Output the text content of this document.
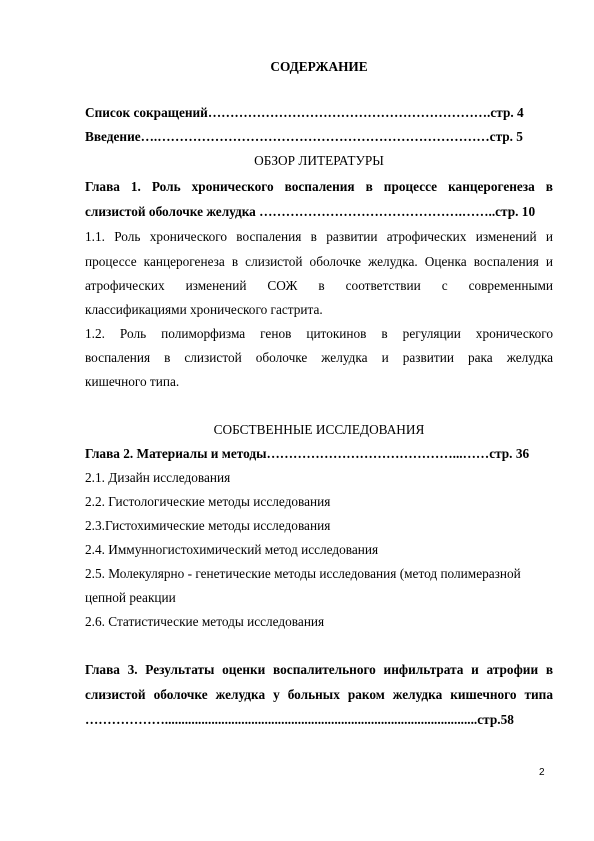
СОДЕРЖАНИЕ
Список сокращений……………………………………………………….стр. 4
Введение….…………………………………………………………………стр. 5
ОБЗОР ЛИТЕРАТУРЫ
Глава 1. Роль хронического воспаления в процессе канцерогенеза в
слизистой оболочке желудка ……………………………………….……..стр. 10
1.1. Роль хронического воспаления в развитии атрофических изменений и
процессе канцерогенеза в слизистой оболочке желудка. Оценка воспаления и
атрофических изменений СОЖ в соответствии с современными
классификациями хронического гастрита.
1.2. Роль полиморфизма генов цитокинов в регуляции хронического
воспаления в слизистой оболочке желудка и развитии рака желудка
кишечного типа.
СОБСТВЕННЫЕ ИССЛЕДОВАНИЯ
Глава 2. Материалы и методы……………………………………...……стр. 36
2.1. Дизайн исследования
2.2. Гистологические методы исследования
2.3.Гистохимические методы исследования
2.4. Иммунногистохимический метод исследования
2.5. Молекулярно - генетические методы исследования (метод полимеразной
цепной реакции
2.6. Статистические методы исследования
Глава 3. Результаты оценки воспалительного инфильтрата и атрофии в
слизистой оболочке желудка у больных раком желудка кишечного типа
………………..............................................................................................стр.58
2
